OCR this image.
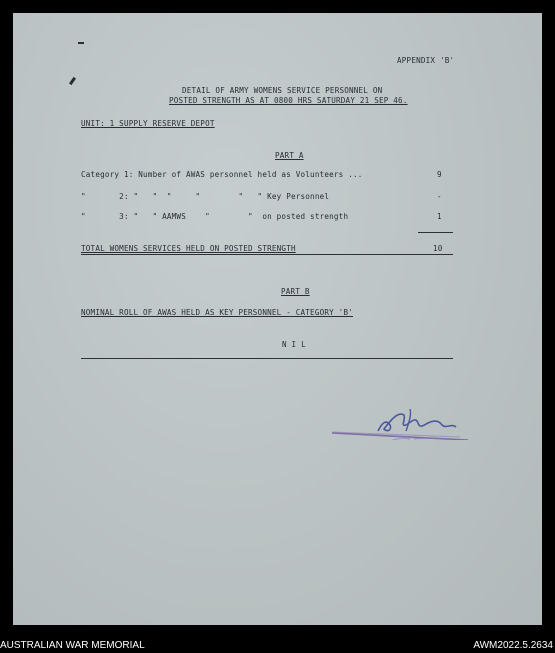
APPENDIX 'B'
DETAIL OF ARMY WOMENS SERVICE PERSONNEL ON
POSTED STRENGTH AS AT 0800 HRS SATURDAY 21 SEP 46.
UNIT: 1 SUPPLY RESERVE DEPOT
PART A
Category 1: Number of AWAS personnel held as Volunteers ...	9
"       2: "   "  "     "        "   " Key Personnel	-
"       3: "   " AAMWS    "        "  on posted strength	1
TOTAL WOMENS SERVICES HELD ON POSTED STRENGTH	10
PART B
NOMINAL ROLL OF AWAS HELD AS KEY PERSONNEL - CATEGORY 'B'
N I L
AUSTRALIAN WAR MEMORIAL	AWM2022.5.2634
